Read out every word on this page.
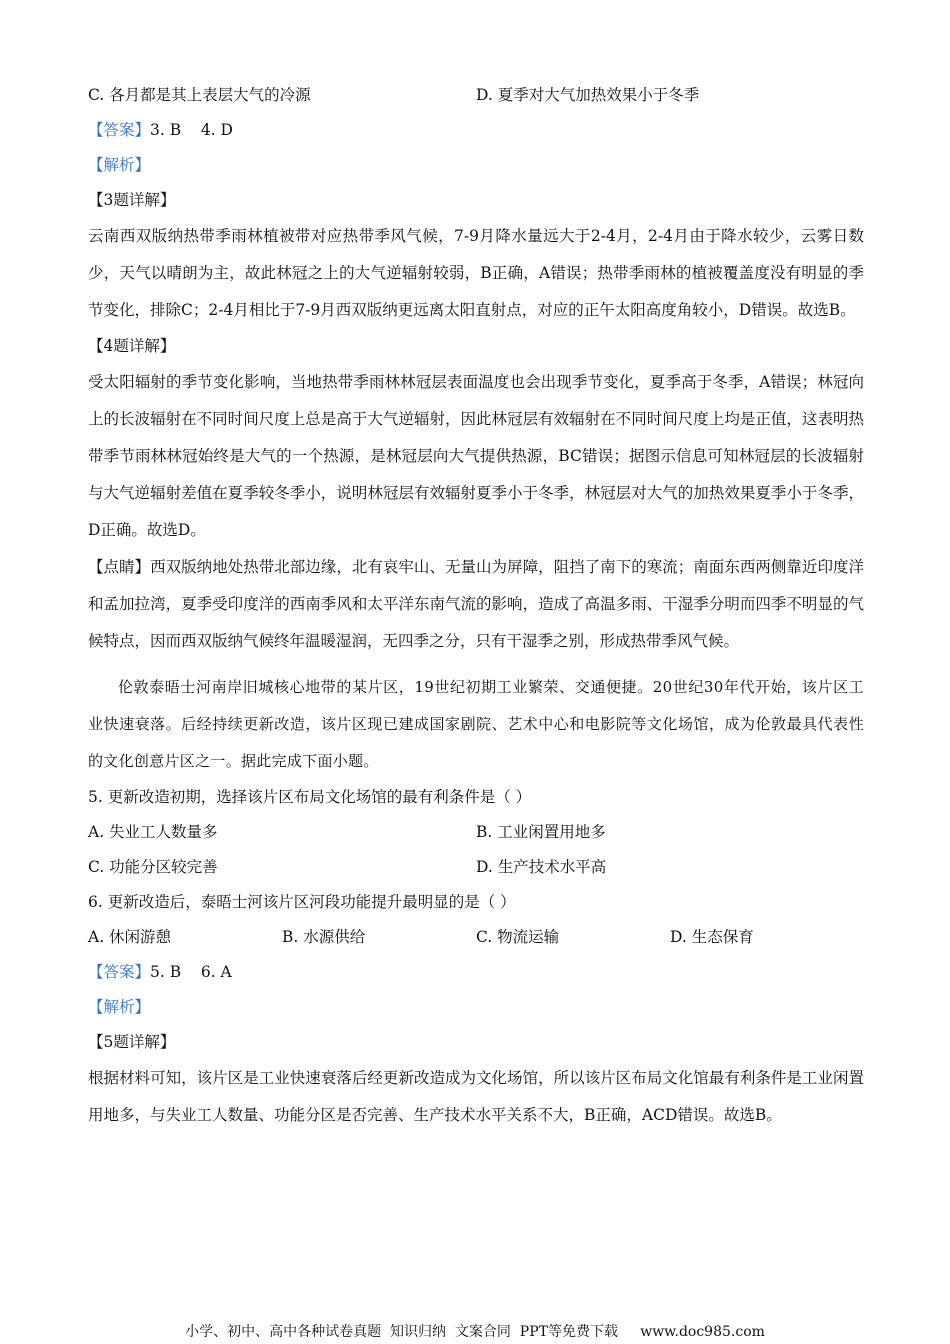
C. 各月都是其上表层大气的冷源	D. 夏季对大气加热效果小于冬季
【答案】 3. B    4. D
【解析】
【3题详解】

云南西双版纳热带季雨林植被带对应热带季风气候，7-9月降水量远大于2-4月，2-4月由于降水较少，云雾日数少，天气以晴朗为主，故此林冠之上的大气逆辐射较弱，B正确，A错误；热带季雨林的植被覆盖度没有明显的季节变化，排除C；2-4月相比于7-9月西双版纳更远离太阳直射点，对应的正午太阳高度角较小，D错误。故选B。

【4题详解】

受太阳辐射的季节变化影响，当地热带季雨林林冠层表面温度也会出现季节变化，夏季高于冬季，A错误；林冠向上的长波辐射在不同时间尺度上总是高于大气逆辐射，因此林冠层有效辐射在不同时间尺度上均是正值，这表明热带季节雨林林冠始终是大气的一个热源，是林冠层向大气提供热源，BC错误；据图示信息可知林冠层的长波辐射与大气逆辐射差值在夏季较冬季小，说明林冠层有效辐射夏季小于冬季，林冠层对大气的加热效果夏季小于冬季，D正确。故选D。

【点睛】西双版纳地处热带北部边缘，北有哀牢山、无量山为屏障，阻挡了南下的寒流；南面东西两侧靠近印度洋和孟加拉湾，夏季受印度洋的西南季风和太平洋东南气流的影响，造成了高温多雨、干湿季分明而四季不明显的气候特点，因而西双版纳气候终年温暖湿润，无四季之分，只有干湿季之别，形成热带季风气候。

伦敦泰晤士河南岸旧城核心地带的某片区，19世纪初期工业繁荣、交通便捷。20世纪30年代开始，该片区工业快速衰落。后经持续更新改造，该片区现已建成国家剧院、艺术中心和电影院等文化场馆，成为伦敦最具代表性的文化创意片区之一。据此完成下面小题。

5. 更新改造初期，选择该片区布局文化场馆的最有利条件是（ ）
A. 失业工人数量多	B. 工业闲置用地多
C. 功能分区较完善	D. 生产技术水平高
6. 更新改造后，泰晤士河该片区河段功能提升最明显的是（ ）
A. 休闲游憩	B. 水源供给	C. 物流运输	D. 生态保育
【答案】 5. B    6. A
【解析】
【5题详解】

根据材料可知，该片区是工业快速衰落后经更新改造成为文化场馆，所以该片区布局文化馆最有利条件是工业闲置用地多，与失业工人数量、功能分区是否完善、生产技术水平关系不大，B正确，ACD错误。故选B。

小学、初中、高中各种试卷真题  知识归纳  文案合同  PPT等免费下载     www.doc985.com
